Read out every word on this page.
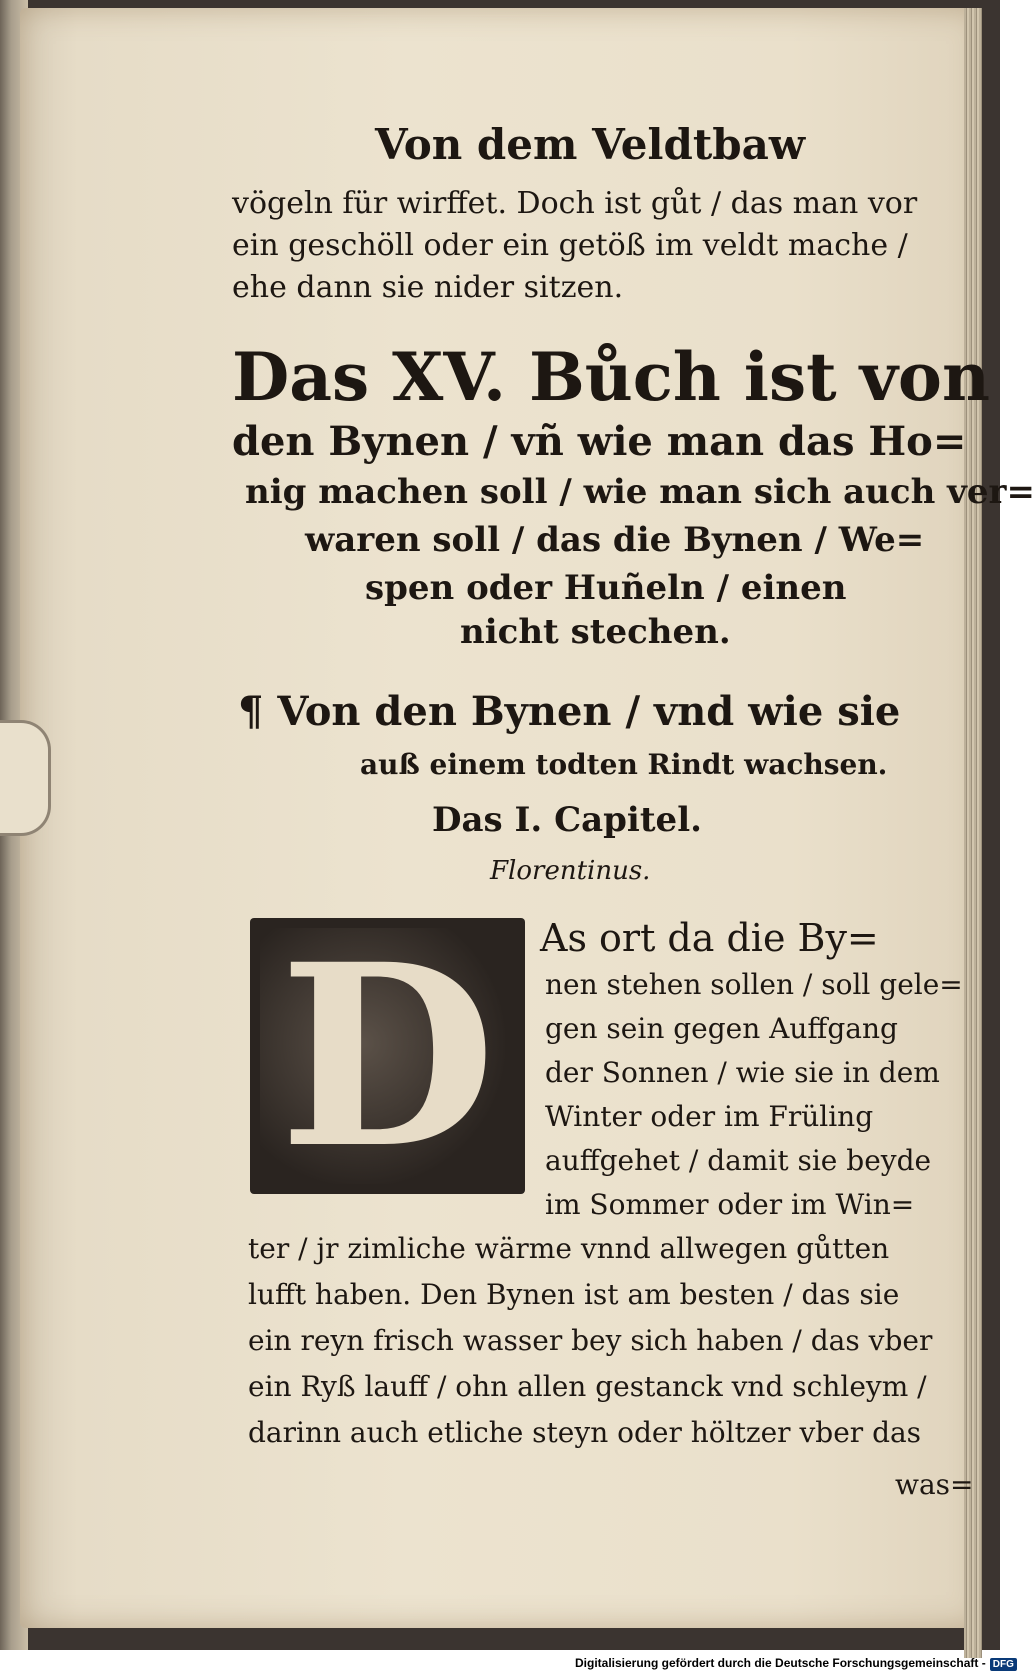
Von dem Veldtbaw
vögeln für wirffet. Doch ist gůt / das man vor
ein geschöll oder ein getöß im veldt mache /
ehe dann sie nider sitzen.
Das XV. Bůch ist von
den Bynen / vñ wie man das Ho=
nig machen soll / wie man sich auch ver=
waren soll / das die Bynen / We=
spen oder Huñeln / einen
nicht stechen.
¶ Von den Bynen / vnd wie sie
auß einem todten Rindt wachsen.
Das I. Capitel.
Florentinus.
D	As ort da die By=
nen stehen sollen / soll gele=
gen sein gegen Auffgang
der Sonnen / wie sie in dem
Winter oder im Früling
auffgehet / damit sie beyde
im Sommer oder im Win=
ter / jr zimliche wärme vnnd allwegen gůtten
lufft haben. Den Bynen ist am besten / das sie
ein reyn frisch wasser bey sich haben / das vber
ein Ryß lauff / ohn allen gestanck vnd schleym /
darinn auch etliche steyn oder höltzer vber das
was=
Digitalisierung gefördert durch die Deutsche Forschungsgemeinschaft - DFG
